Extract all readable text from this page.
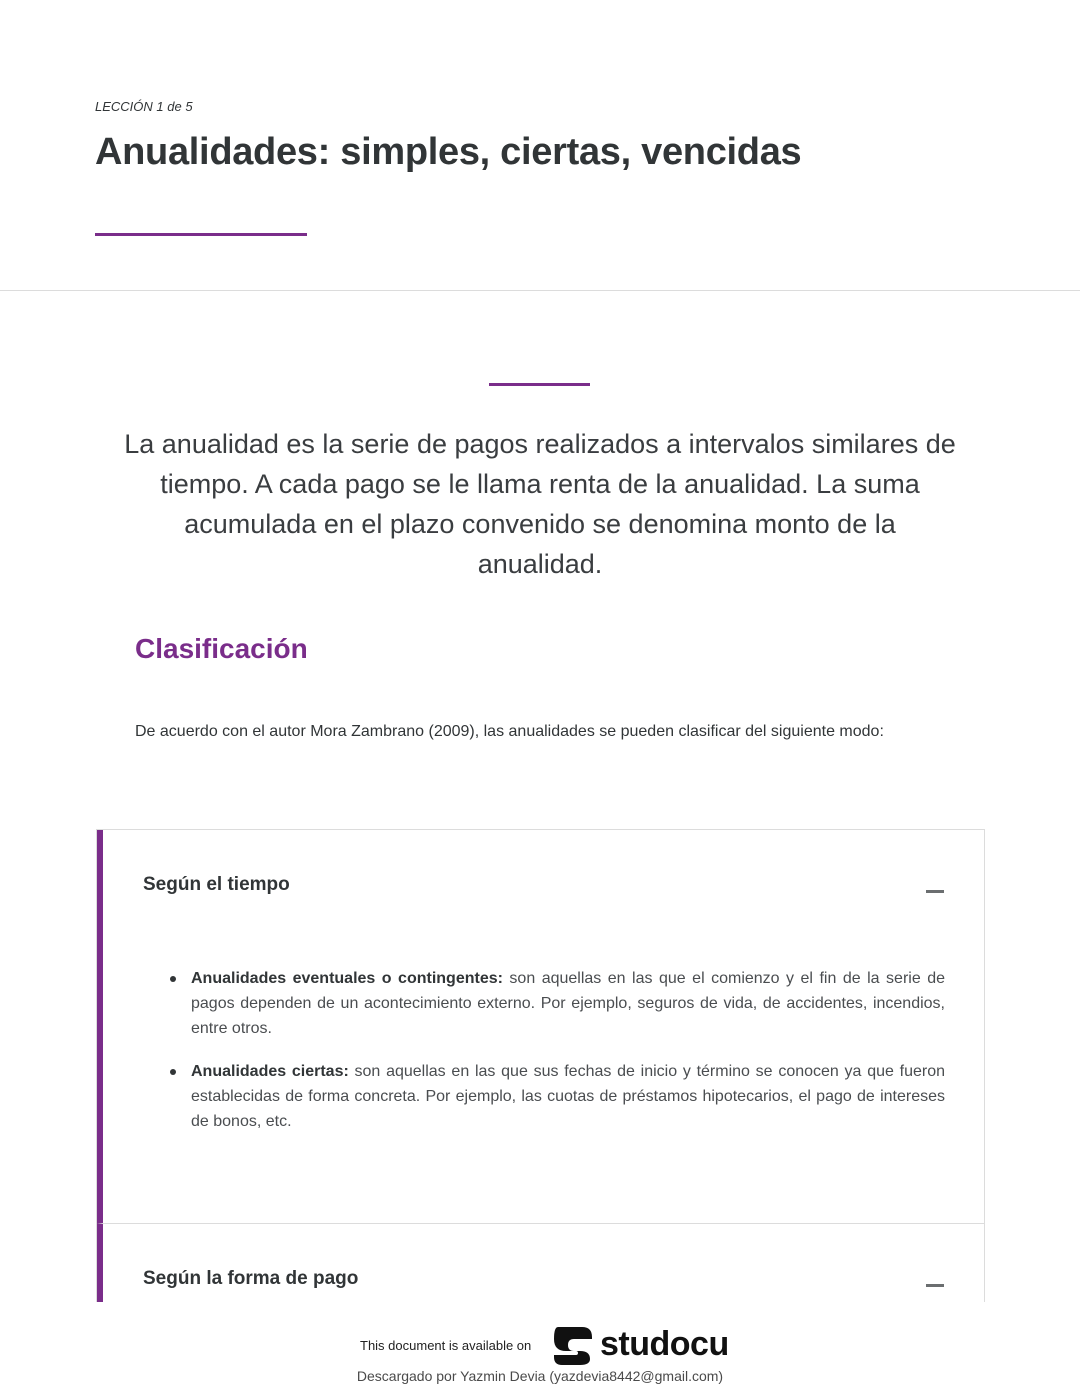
LECCIÓN 1 de 5
Anualidades: simples, ciertas, vencidas

La anualidad es la serie de pagos realizados a intervalos similares de tiempo. A cada pago se le llama renta de la anualidad. La suma acumulada en el plazo convenido se denomina monto de la anualidad.

Clasificación

De acuerdo con el autor Mora Zambrano (2009), las anualidades se pueden clasificar del siguiente modo:

Según el tiempo
Anualidades eventuales o contingentes: son aquellas en las que el comienzo y el fin de la serie de pagos dependen de un acontecimiento externo. Por ejemplo, seguros de vida, de accidentes, incendios, entre otros.
Anualidades ciertas: son aquellas en las que sus fechas de inicio y término se conocen ya que fueron establecidas de forma concreta. Por ejemplo, las cuotas de préstamos hipotecarios, el pago de intereses de bonos, etc.
Según la forma de pago
This document is available on studocu
Descargado por Yazmin Devia (yazdevia8442@gmail.com)
